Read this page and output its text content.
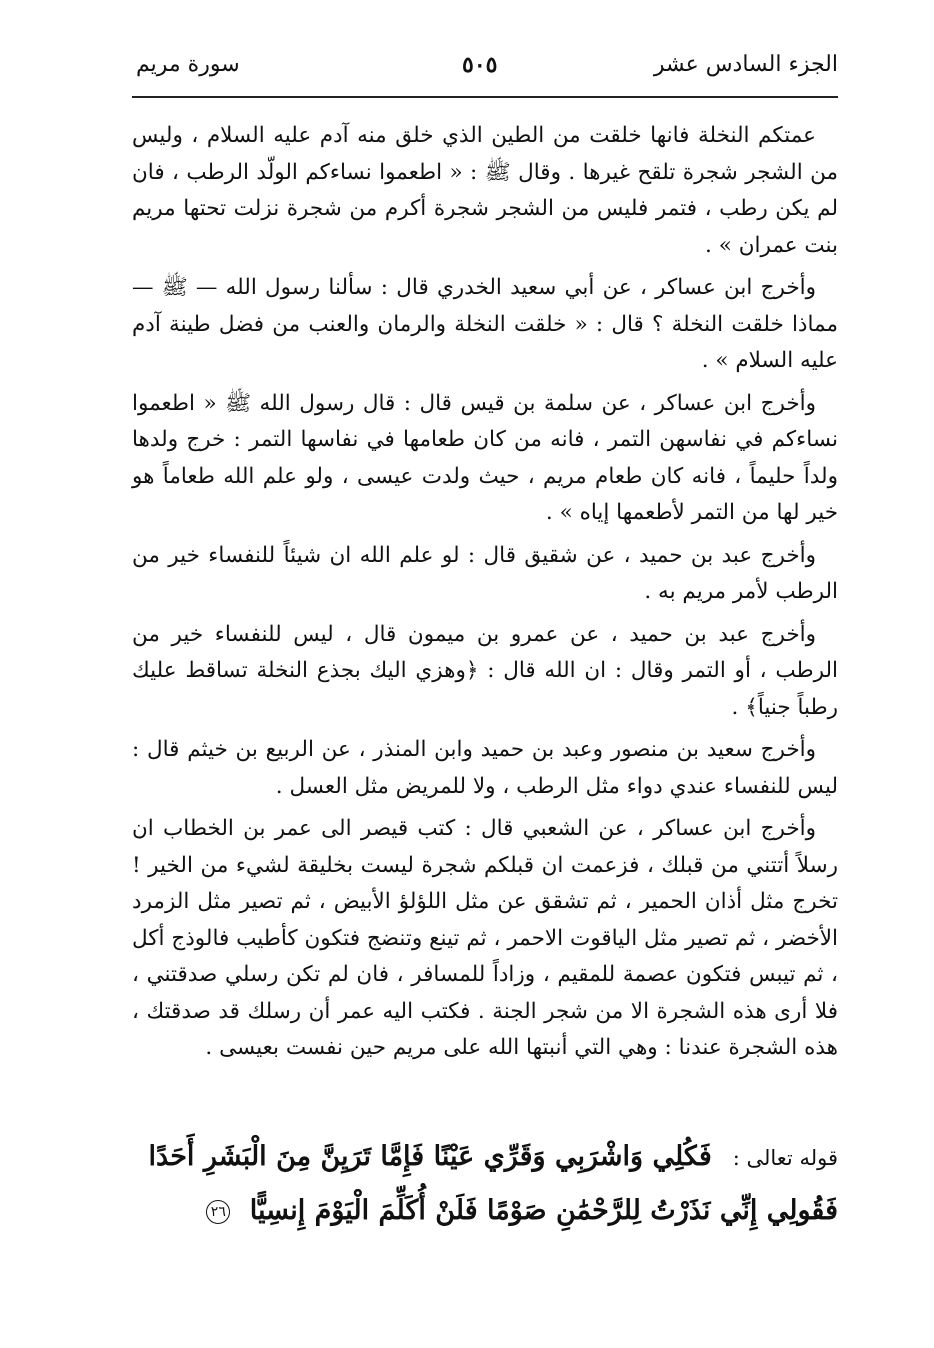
الجزء السادس عشر
٥٠٥
سورة مريم

عمتكم النخلة فانها خلقت من الطين الذي خلق منه آدم عليه السلام ، وليس من الشجر شجرة تلقح غيرها . وقال ﷺ : « اطعموا نساءكم الولّد الرطب ، فان لم يكن رطب ، فتمر فليس من الشجر شجرة أكرم من شجرة نزلت تحتها مريم بنت عمران » .

وأخرج ابن عساكر ، عن أبي سعيد الخدري قال : سألنا رسول الله — ﷺ — مماذا خلقت النخلة ؟ قال : « خلقت النخلة والرمان والعنب من فضل طينة آدم عليه السلام » .

وأخرج ابن عساكر ، عن سلمة بن قيس قال : قال رسول الله ﷺ « اطعموا نساءكم في نفاسهن التمر ، فانه من كان طعامها في نفاسها التمر : خرج ولدها ولداً حليماً ، فانه كان طعام مريم ، حيث ولدت عيسى ، ولو علم الله طعاماً هو خير لها من التمر لأطعمها إياه » .

وأخرج عبد بن حميد ، عن شقيق قال : لو علم الله ان شيئاً للنفساء خير من الرطب لأمر مريم به .

وأخرج عبد بن حميد ، عن عمرو بن ميمون قال ، ليس للنفساء خير من الرطب ، أو التمر وقال : ان الله قال : ﴿وهزي اليك بجذع النخلة تساقط عليك رطباً جنياً﴾ .

وأخرج سعيد بن منصور وعبد بن حميد وابن المنذر ، عن الربيع بن خيثم قال : ليس للنفساء عندي دواء مثل الرطب ، ولا للمريض مثل العسل .

وأخرج ابن عساكر ، عن الشعبي قال : كتب قيصر الى عمر بن الخطاب ان رسلاً أتتني من قبلك ، فزعمت ان قبلكم شجرة ليست بخليقة لشيء من الخير ! تخرج مثل أذان الحمير ، ثم تشقق عن مثل اللؤلؤ الأبيض ، ثم تصير مثل الزمرد الأخضر ، ثم تصير مثل الياقوت الاحمر ، ثم تينع وتنضج فتكون كأطيب فالوذج أكل ، ثم تيبس فتكون عصمة للمقيم ، وزاداً للمسافر ، فان لم تكن رسلي صدقتني ، فلا أرى هذه الشجرة الا من شجر الجنة . فكتب اليه عمر أن رسلك قد صدقتك ، هذه الشجرة عندنا : وهي التي أنبتها الله على مريم حين نفست بعيسى .

قوله تعالى : فَكُلِي وَاشْرَبِي وَقَرِّي عَيْنًا فَإِمَّا تَرَيِنَّ مِنَ الْبَشَرِ أَحَدًا
فَقُولِي إِنِّي نَذَرْتُ لِلرَّحْمَٰنِ صَوْمًا فَلَنْ أُكَلِّمَ الْيَوْمَ إِنسِيًّا ٢٦
